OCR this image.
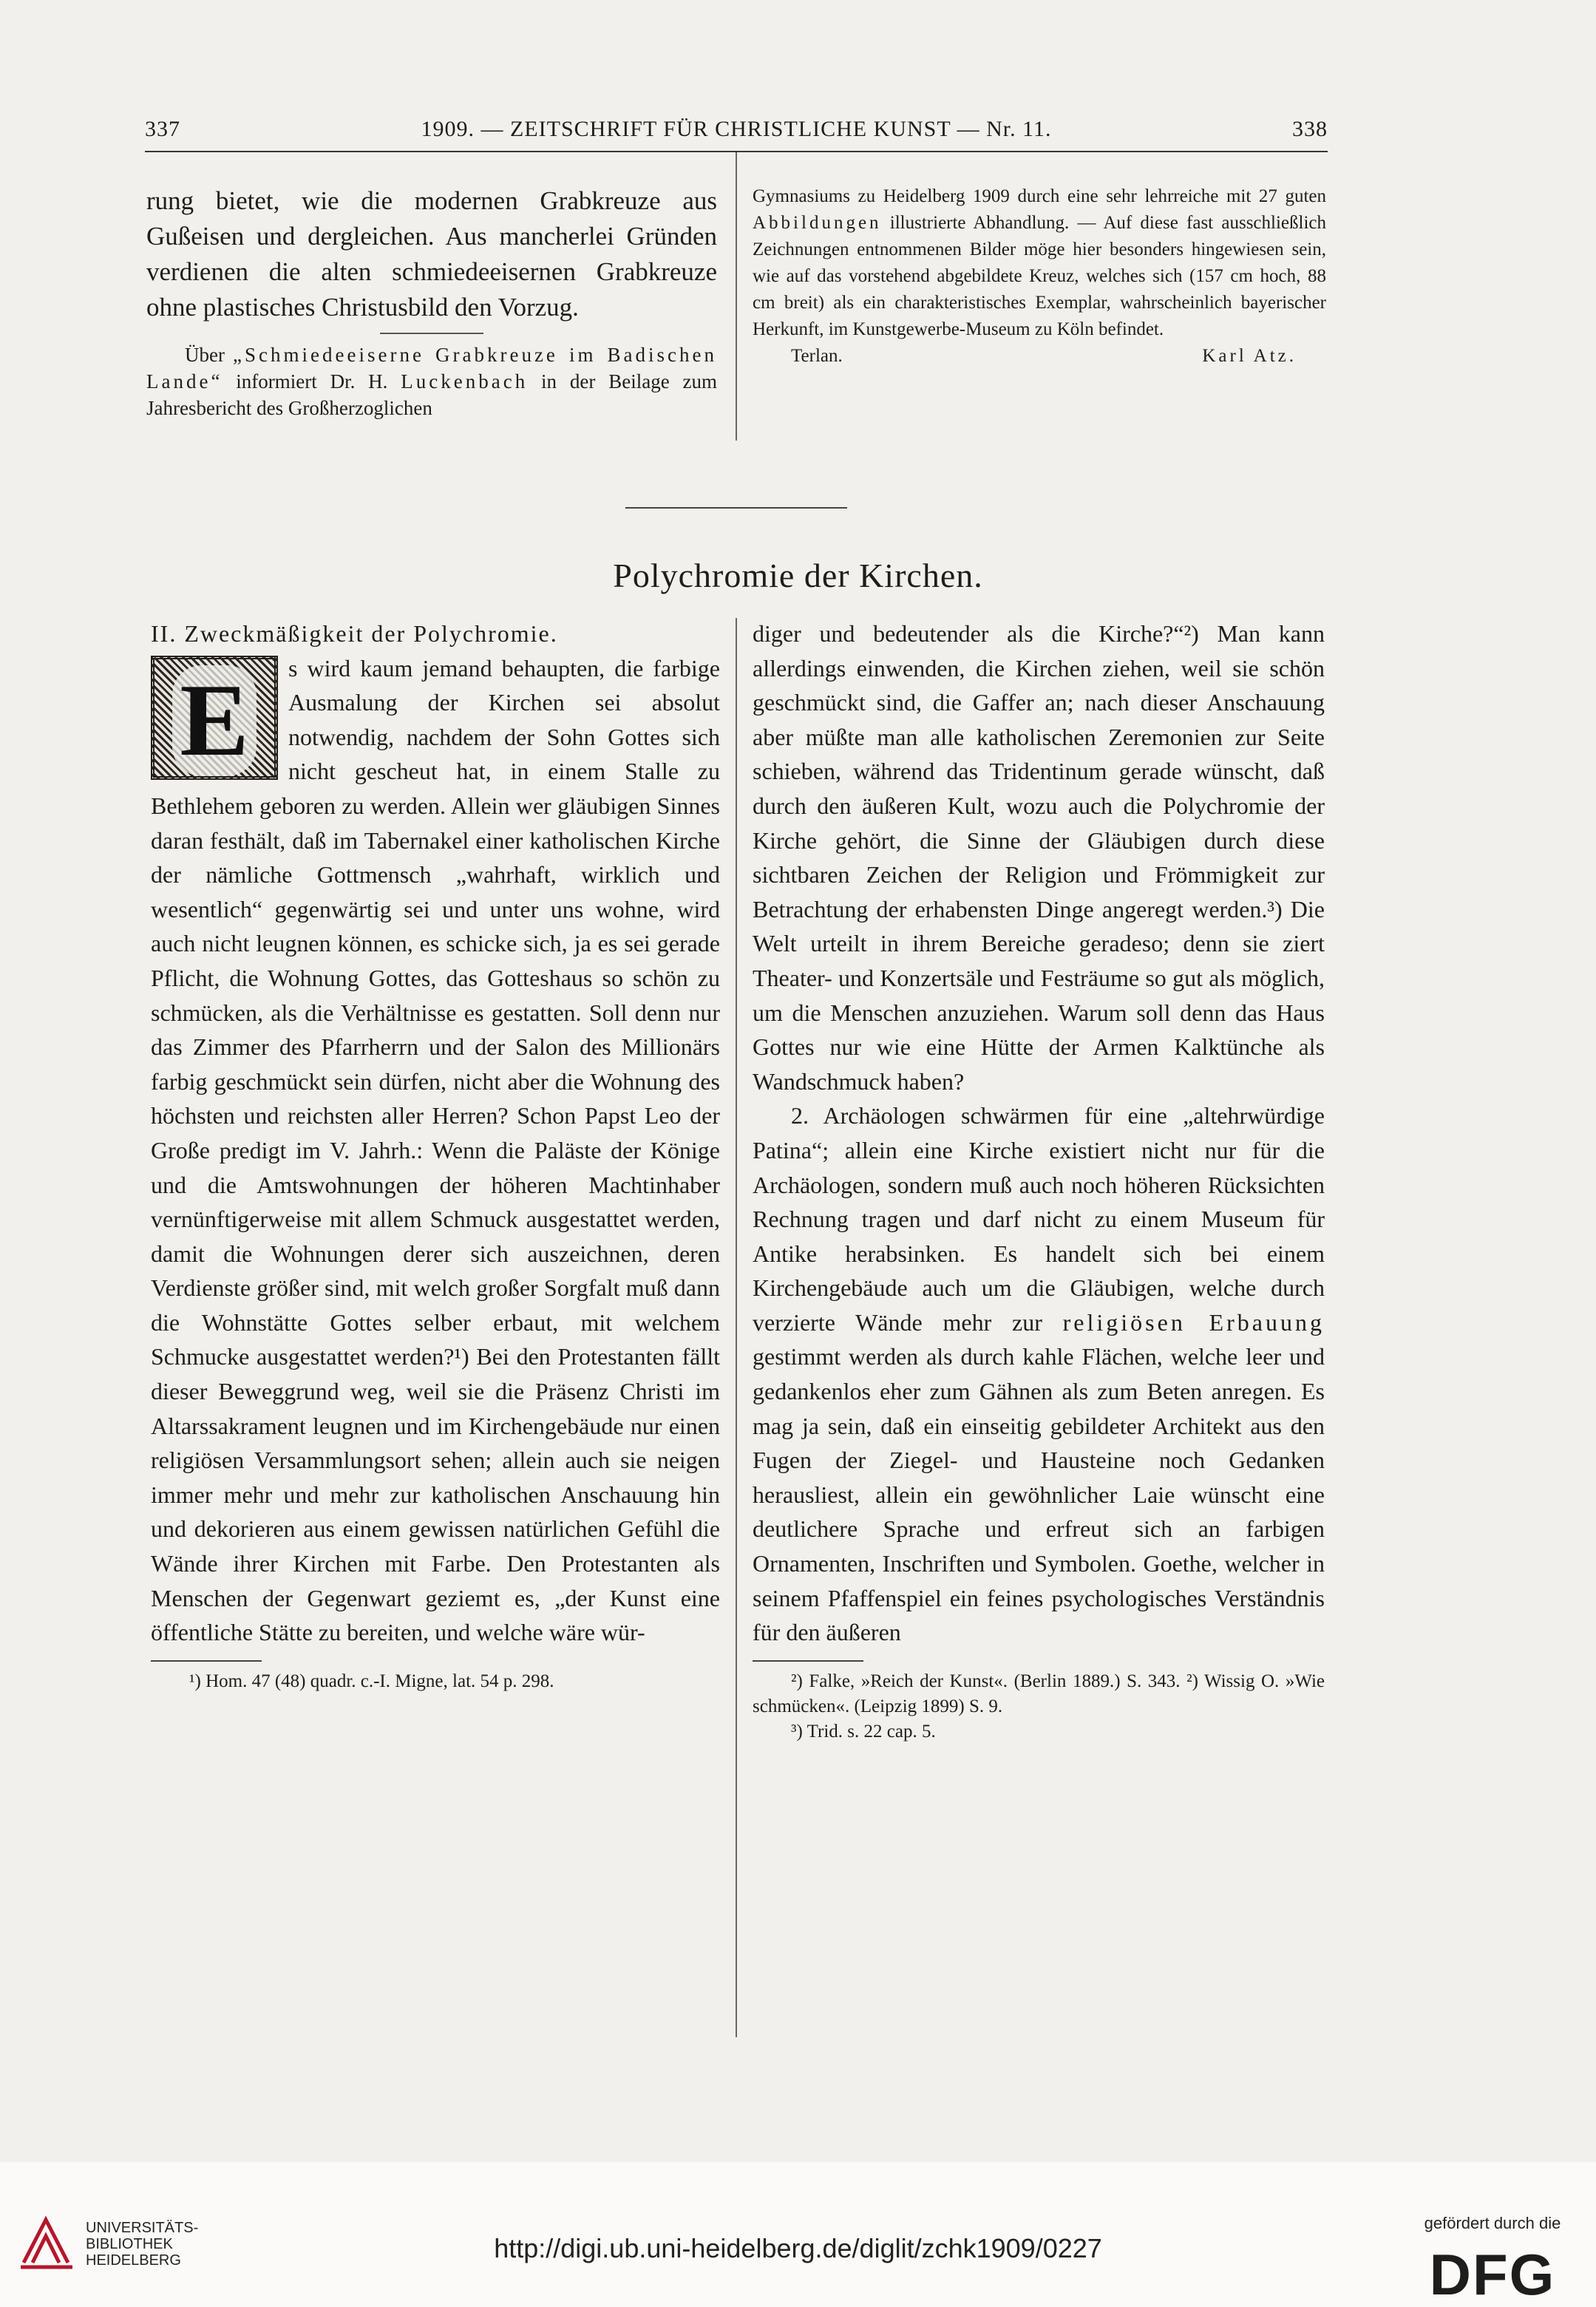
337	1909. — ZEITSCHRIFT FÜR CHRISTLICHE KUNST — Nr. 11.	338

rung bietet, wie die modernen Grabkreuze aus Gußeisen und dergleichen. Aus mancherlei Gründen verdienen die alten schmiedeeisernen Grabkreuze ohne plastisches Christusbild den Vorzug.

Über „Schmiedeeiserne Grabkreuze im Badischen Lande“ informiert Dr. H. Luckenbach in der Beilage zum Jahresbericht des Großherzoglichen

Gymnasiums zu Heidelberg 1909 durch eine sehr lehrreiche mit 27 guten Abbildungen illustrierte Abhandlung. — Auf diese fast ausschließlich Zeichnungen entnommenen Bilder möge hier besonders hingewiesen sein, wie auf das vorstehend abgebildete Kreuz, welches sich (157 cm hoch, 88 cm breit) als ein charakteristisches Exemplar, wahrscheinlich bayerischer Herkunft, im Kunstgewerbe-Museum zu Köln befindet.

Terlan.	Karl Atz.
Polychromie der Kirchen.

II. Zweckmäßigkeit der Polychromie.

E	s wird kaum jemand behaupten, die farbige Ausmalung der Kirchen sei absolut notwendig, nachdem der Sohn Gottes sich nicht gescheut hat, in einem Stalle zu Bethlehem geboren zu werden. Allein wer gläubigen Sinnes daran festhält, daß im Tabernakel einer katholischen Kirche der nämliche Gottmensch „wahrhaft, wirklich und wesentlich“ gegenwärtig sei und unter uns wohne, wird auch nicht leugnen können, es schicke sich, ja es sei gerade Pflicht, die Wohnung Gottes, das Gotteshaus so schön zu schmücken, als die Verhältnisse es gestatten. Soll denn nur das Zimmer des Pfarrherrn und der Salon des Millionärs farbig geschmückt sein dürfen, nicht aber die Wohnung des höchsten und reichsten aller Herren? Schon Papst Leo der Große predigt im V. Jahrh.: Wenn die Paläste der Könige und die Amtswohnungen der höheren Machtinhaber vernünftigerweise mit allem Schmuck ausgestattet werden, damit die Wohnungen derer sich auszeichnen, deren Verdienste größer sind, mit welch großer Sorgfalt muß dann die Wohnstätte Gottes selber erbaut, mit welchem Schmucke ausgestattet werden?¹) Bei den Protestanten fällt dieser Beweggrund weg, weil sie die Präsenz Christi im Altarssakrament leugnen und im Kirchengebäude nur einen religiösen Versammlungsort sehen; allein auch sie neigen immer mehr und mehr zur katholischen Anschauung hin und dekorieren aus einem gewissen natürlichen Gefühl die Wände ihrer Kirchen mit Farbe. Den Protestanten als Menschen der Gegenwart geziemt es, „der Kunst eine öffentliche Stätte zu bereiten, und welche wäre wür-

¹) Hom. 47 (48) quadr. c.-I. Migne, lat. 54 p. 298.

diger und bedeutender als die Kirche?“²) Man kann allerdings einwenden, die Kirchen ziehen, weil sie schön geschmückt sind, die Gaffer an; nach dieser Anschauung aber müßte man alle katholischen Zeremonien zur Seite schieben, während das Tridentinum gerade wünscht, daß durch den äußeren Kult, wozu auch die Polychromie der Kirche gehört, die Sinne der Gläubigen durch diese sichtbaren Zeichen der Religion und Frömmigkeit zur Betrachtung der erhabensten Dinge angeregt werden.³) Die Welt urteilt in ihrem Bereiche geradeso; denn sie ziert Theater- und Konzertsäle und Festräume so gut als möglich, um die Menschen anzuziehen. Warum soll denn das Haus Gottes nur wie eine Hütte der Armen Kalktünche als Wandschmuck haben?

2. Archäologen schwärmen für eine „altehrwürdige Patina“; allein eine Kirche existiert nicht nur für die Archäologen, sondern muß auch noch höheren Rücksichten Rechnung tragen und darf nicht zu einem Museum für Antike herabsinken. Es handelt sich bei einem Kirchengebäude auch um die Gläubigen, welche durch verzierte Wände mehr zur religiösen Erbauung gestimmt werden als durch kahle Flächen, welche leer und gedankenlos eher zum Gähnen als zum Beten anregen. Es mag ja sein, daß ein einseitig gebildeter Architekt aus den Fugen der Ziegel- und Hausteine noch Gedanken herausliest, allein ein gewöhnlicher Laie wünscht eine deutlichere Sprache und erfreut sich an farbigen Ornamenten, Inschriften und Symbolen. Goethe, welcher in seinem Pfaffenspiel ein feines psychologisches Verständnis für den äußeren

²) Falke, »Reich der Kunst«. (Berlin 1889.) S. 343. ²) Wissig O. »Wie schmücken«. (Leipzig 1899) S. 9.

³) Trid. s. 22 cap. 5.

UNIVERSITÄTS-
BIBLIOTHEK
HEIDELBERG	http://digi.ub.uni-heidelberg.de/diglit/zchk1909/0227
gefördert durch die
DFG
